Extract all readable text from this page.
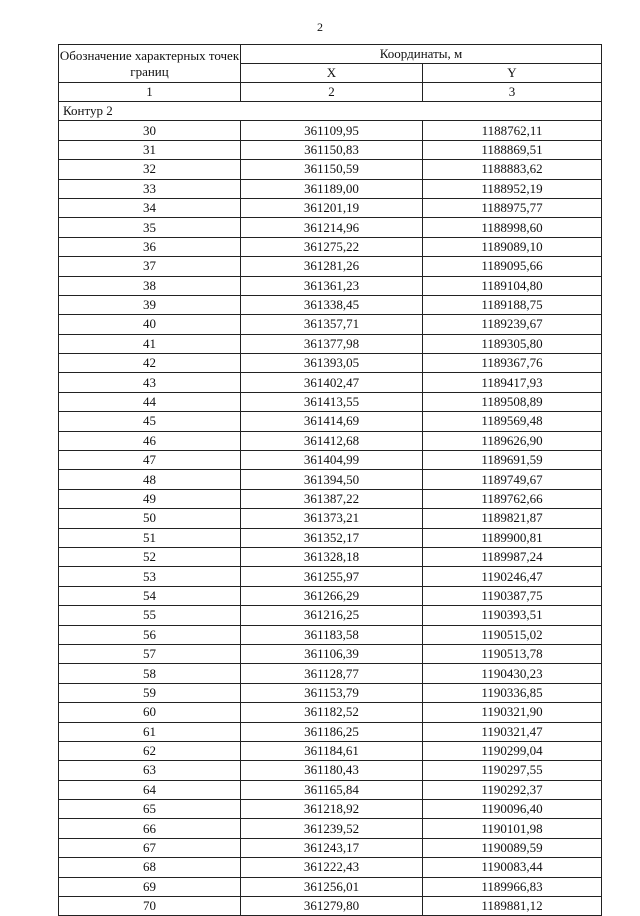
2
Обозначение характерных точек границ	Координаты, м	
	X	Y
1	2	3
Контур 2		
30	361109,95	1188762,11
31	361150,83	1188869,51
32	361150,59	1188883,62
33	361189,00	1188952,19
34	361201,19	1188975,77
35	361214,96	1188998,60
36	361275,22	1189089,10
37	361281,26	1189095,66
38	361361,23	1189104,80
39	361338,45	1189188,75
40	361357,71	1189239,67
41	361377,98	1189305,80
42	361393,05	1189367,76
43	361402,47	1189417,93
44	361413,55	1189508,89
45	361414,69	1189569,48
46	361412,68	1189626,90
47	361404,99	1189691,59
48	361394,50	1189749,67
49	361387,22	1189762,66
50	361373,21	1189821,87
51	361352,17	1189900,81
52	361328,18	1189987,24
53	361255,97	1190246,47
54	361266,29	1190387,75
55	361216,25	1190393,51
56	361183,58	1190515,02
57	361106,39	1190513,78
58	361128,77	1190430,23
59	361153,79	1190336,85
60	361182,52	1190321,90
61	361186,25	1190321,47
62	361184,61	1190299,04
63	361180,43	1190297,55
64	361165,84	1190292,37
65	361218,92	1190096,40
66	361239,52	1190101,98
67	361243,17	1190089,59
68	361222,43	1190083,44
69	361256,01	1189966,83
70	361279,80	1189881,12
